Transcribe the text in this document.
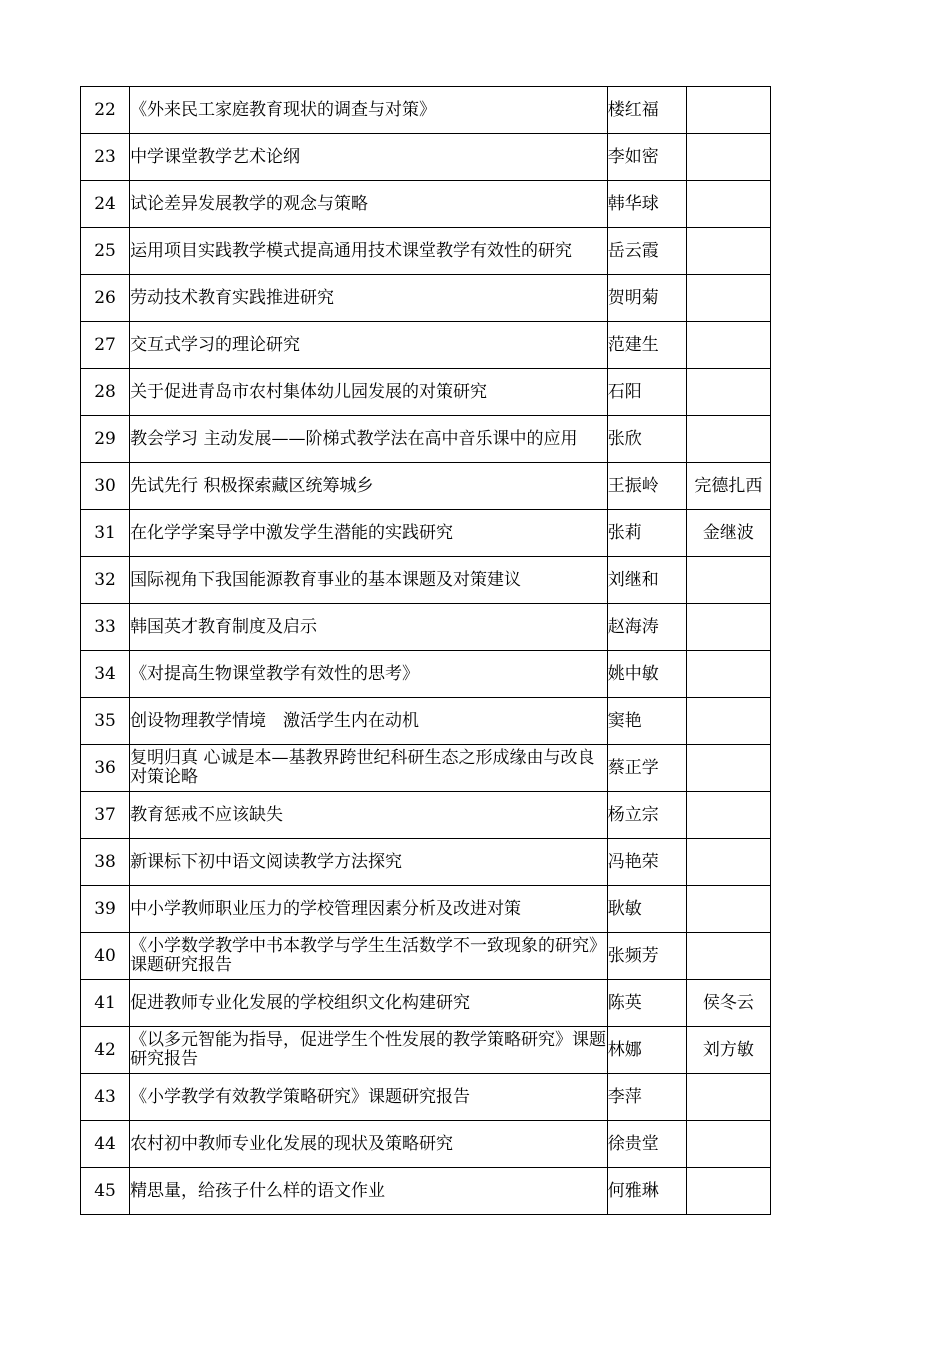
22	《外来民工家庭教育现状的调查与对策》	楼红福	
23	中学课堂教学艺术论纲	李如密	
24	试论差异发展教学的观念与策略	韩华球	
25	运用项目实践教学模式提高通用技术课堂教学有效性的研究	岳云霞	
26	劳动技术教育实践推进研究	贺明菊	
27	交互式学习的理论研究	范建生	
28	关于促进青岛市农村集体幼儿园发展的对策研究	石阳	
29	教会学习 主动发展——阶梯式教学法在高中音乐课中的应用	张欣	
30	先试先行 积极探索藏区统筹城乡	王振岭	完德扎西
31	在化学学案导学中激发学生潜能的实践研究	张莉	金继波
32	国际视角下我国能源教育事业的基本课题及对策建议	刘继和	
33	韩国英才教育制度及启示	赵海涛	
34	《对提高生物课堂教学有效性的思考》	姚中敏	
35	创设物理教学情境　激活学生内在动机	窦艳	
36	复明归真 心诚是本—基教界跨世纪科研生态之形成缘由与改良对策论略	蔡正学	
37	教育惩戒不应该缺失	杨立宗	
38	新课标下初中语文阅读教学方法探究	冯艳荣	
39	中小学教师职业压力的学校管理因素分析及改进对策	耿敏	
40	《小学数学教学中书本教学与学生生活数学不一致现象的研究》课题研究报告	张频芳	
41	促进教师专业化发展的学校组织文化构建研究	陈英	侯冬云
42	《以多元智能为指导，促进学生个性发展的教学策略研究》课题研究报告	林娜	刘方敏
43	《小学教学有效教学策略研究》课题研究报告	李萍	
44	农村初中教师专业化发展的现状及策略研究	徐贵堂	
45	精思量，给孩子什么样的语文作业	何雅琳	
